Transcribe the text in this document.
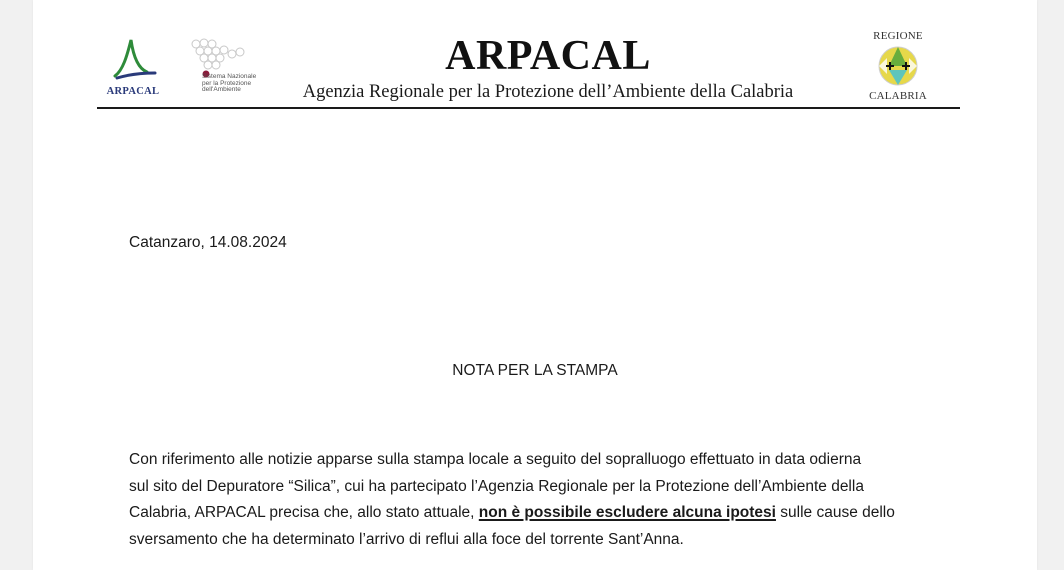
ARPACAL
Sistema Nazionale
per la Protezione
dell'Ambiente
ARPACAL
Agenzia Regionale per la Protezione dell’Ambiente della Calabria
REGIONE
CALABRIA
Catanzaro, 14.08.2024
NOTA PER LA STAMPA
Con riferimento alle notizie apparse sulla stampa locale a seguito del sopralluogo effettuato in data odierna
sul sito del Depuratore “Silica”, cui ha partecipato l’Agenzia Regionale per la Protezione dell’Ambiente della
Calabria, ARPACAL precisa che, allo stato attuale, non è possibile escludere alcuna ipotesi sulle cause dello
sversamento che ha determinato l’arrivo di reflui alla foce del torrente Sant’Anna.
